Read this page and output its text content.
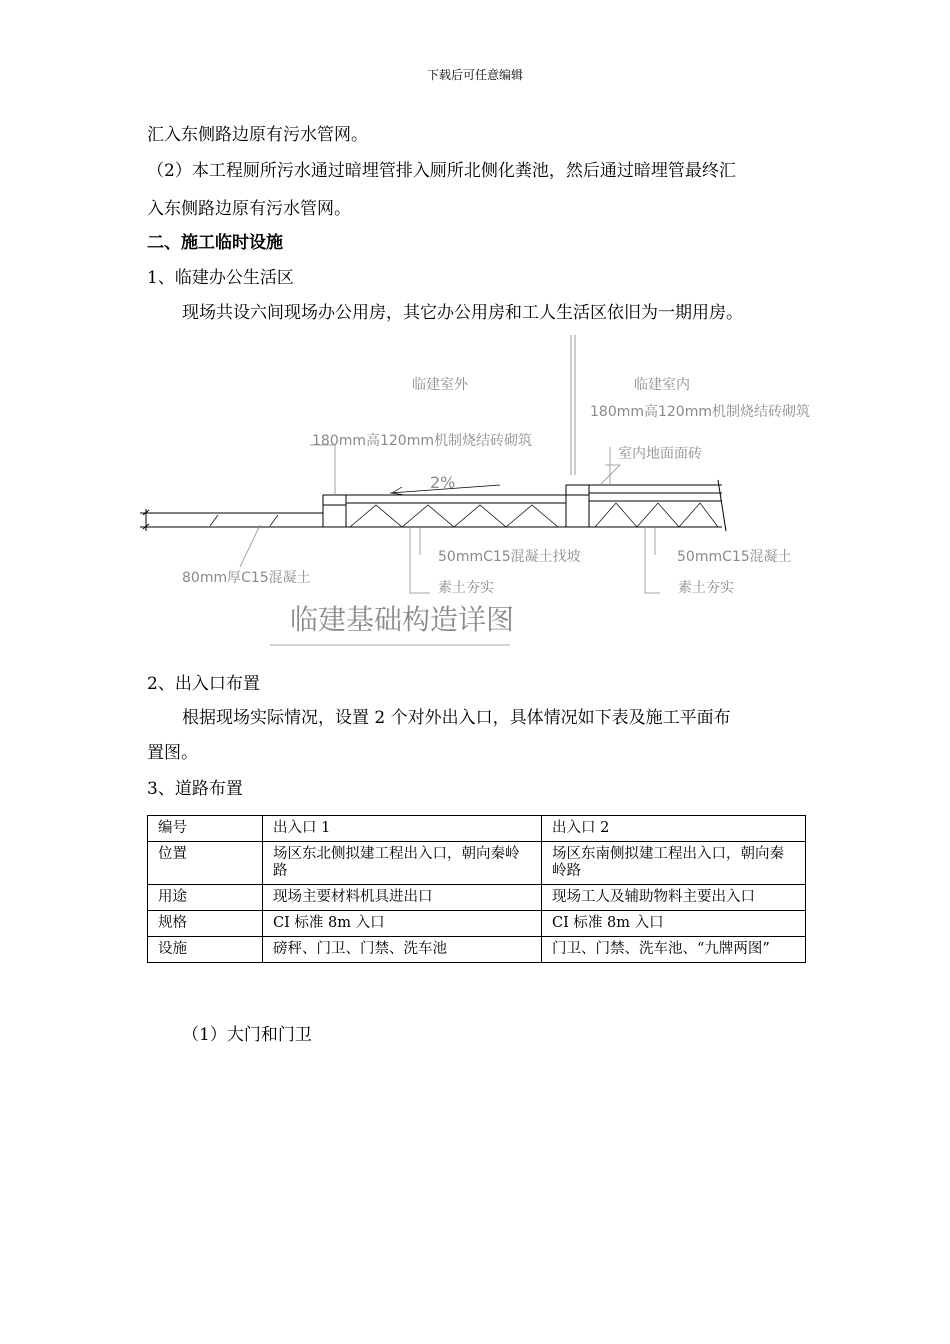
下载后可任意编辑
汇入东侧路边原有污水管网。
（2）本工程厕所污水通过暗埋管排入厕所北侧化粪池，然后通过暗埋管最终汇
入东侧路边原有污水管网。
二、施工临时设施
1、临建办公生活区
现场共设六间现场办公用房，其它办公用房和工人生活区依旧为一期用房。
临建室外	临建室内
180mm高120mm机制烧结砖砌筑
180mm高120mm机制烧结砖砌筑
室内地面面砖
2%
50mmC15混凝土找坡	50mmC15混凝土
80mm厚C15混凝土
素土夯实	素土夯实
临建基础构造详图
2、出入口布置
根据现场实际情况，设置 2 个对外出入口，具体情况如下表及施工平面布
置图。
3、道路布置
编号	出入口 1	出入口 2
位置	场区东北侧拟建工程出入口，朝向秦岭路	场区东南侧拟建工程出入口，朝向秦岭路
用途	现场主要材料机具进出口	现场工人及辅助物料主要出入口
规格	CI 标准 8m 入口	CI 标准 8m 入口
设施	磅秤、门卫、门禁、洗车池	门卫、门禁、洗车池、“九牌两图”
（1）大门和门卫
